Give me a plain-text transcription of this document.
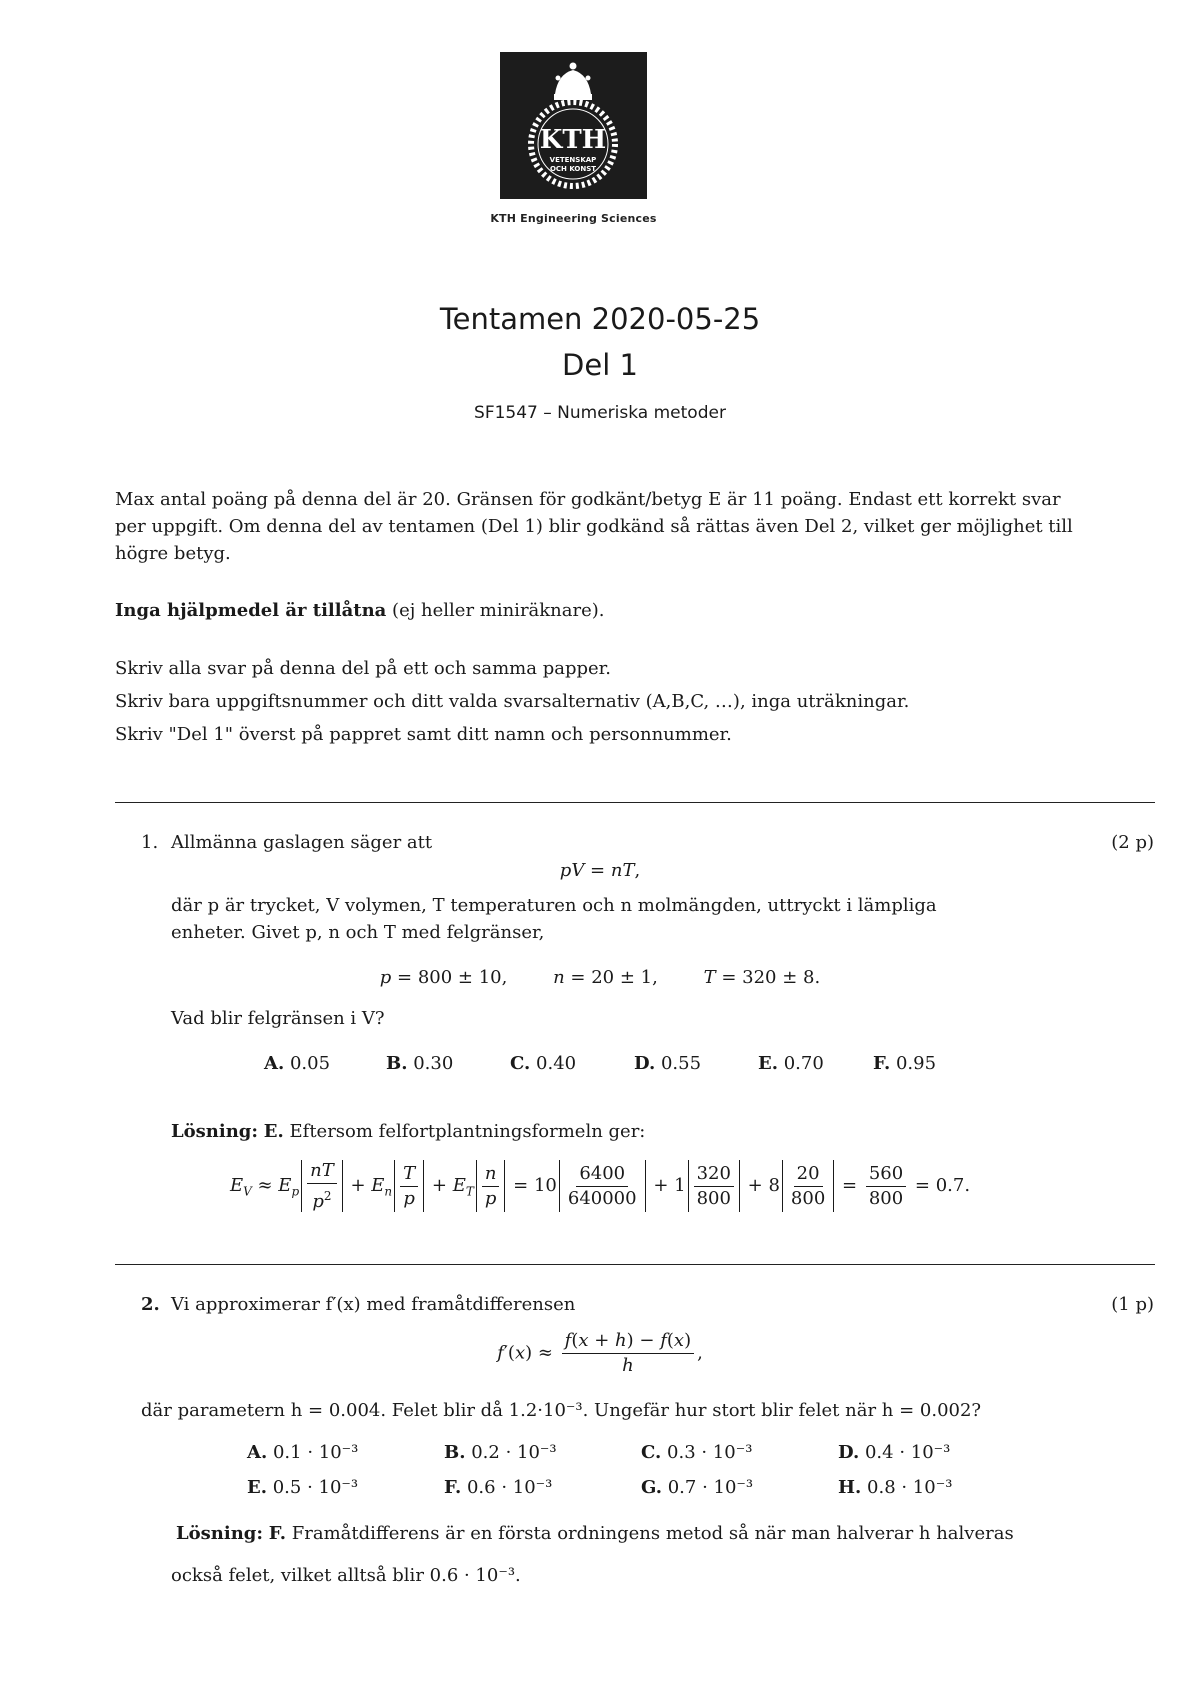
KTH
VETENSKAP
OCH KONST
KTH Engineering Sciences
Tentamen 2020-05-25
Del 1
SF1547 – Numeriska metoder
Max antal poäng på denna del är 20. Gränsen för godkänt/betyg E är 11 poäng. Endast ett korrekt svar per uppgift. Om denna del av tentamen (Del 1) blir godkänd så rättas även Del 2, vilket ger möjlighet till högre betyg.
Inga hjälpmedel är tillåtna (ej heller miniräknare).
Skriv alla svar på denna del på ett och samma papper.
Skriv bara uppgiftsnummer och ditt valda svarsalternativ (A,B,C, …), inga uträkningar.
Skriv "Del 1" överst på pappret samt ditt namn och personnummer.
1. Allmänna gaslagen säger att	(2 p)
pV = nT,
där p är trycket, V volymen, T temperaturen och n molmängden, uttryckt i lämpliga
enheter. Givet p, n och T med felgränser,
p = 800 ± 10,        n = 20 ± 1,        T = 320 ± 8.
Vad blir felgränsen i V?
A. 0.05	B. 0.30	C. 0.40	D. 0.55	E. 0.70	F. 0.95
Lösning: E. Eftersom felfortplantningsformeln ger:
$E_V \approx E_p \frac{nT}{p^2} + E_n \frac{T}{p} + E_T \frac{n}{p} = 10 \frac{6400}{640000} + 1 \frac{320}{800} + 8 \frac{20}{800} = \frac{560}{800} = 0.7$.
2. Vi approximerar f′(x) med framåtdifferensen	(1 p)
$f'(x) \approx \frac{f(x + h) - f(x)}{h}$ ,
där parametern h = 0.004. Felet blir då 1.2·10⁻³. Ungefär hur stort blir felet när h = 0.002?
A. 0.1 · 10⁻³	B. 0.2 · 10⁻³	C. 0.3 · 10⁻³	D. 0.4 · 10⁻³
E. 0.5 · 10⁻³	F. 0.6 · 10⁻³	G. 0.7 · 10⁻³	H. 0.8 · 10⁻³
Lösning: F. Framåtdifferens är en första ordningens metod så när man halverar h halveras
också felet, vilket alltså blir 0.6 · 10⁻³.
